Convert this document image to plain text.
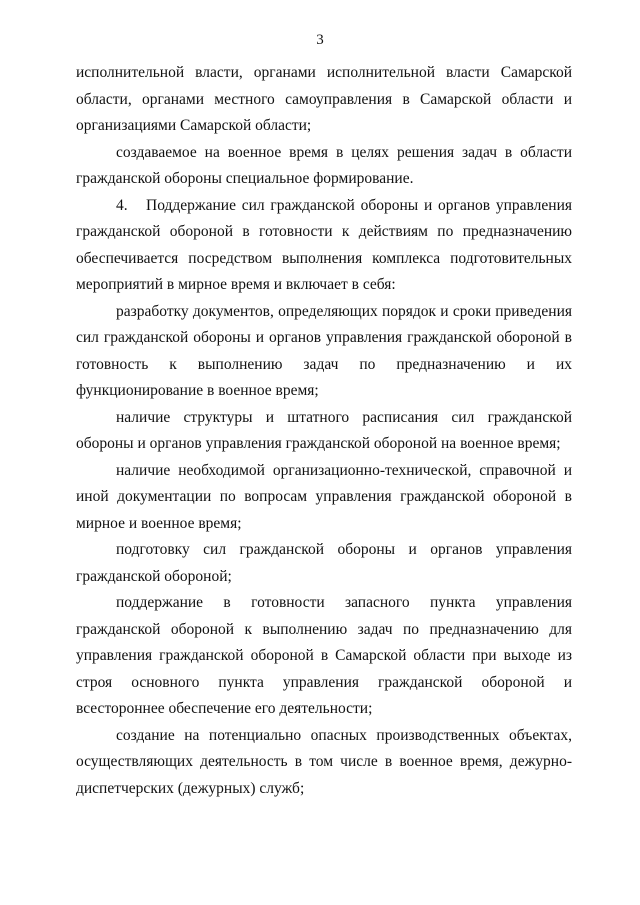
3

исполнительной власти, органами исполнительной власти Самарской области, органами местного самоуправления в Самарской области и организациями Самарской области;

создаваемое на военное время в целях решения задач в области гражданской обороны специальное формирование.

4. Поддержание сил гражданской обороны и органов управления гражданской обороной в готовности к действиям по предназначению обеспечивается посредством выполнения комплекса подготовительных мероприятий в мирное время и включает в себя:

разработку документов, определяющих порядок и сроки приведения сил гражданской обороны и органов управления гражданской обороной в готовность к выполнению задач по предназначению и их функционирование в военное время;

наличие структуры и штатного расписания сил гражданской обороны и органов управления гражданской обороной на военное время;

наличие необходимой организационно-технической, справочной и иной документации по вопросам управления гражданской обороной в мирное и военное время;

подготовку сил гражданской обороны и органов управления гражданской обороной;

поддержание в готовности запасного пункта управления гражданской обороной к выполнению задач по предназначению для управления гражданской обороной в Самарской области при выходе из строя основного пункта управления гражданской обороной и всестороннее обеспечение его деятельности;

создание на потенциально опасных производственных объектах, осуществляющих деятельность в том числе в военное время, дежурно-диспетчерских (дежурных) служб;
